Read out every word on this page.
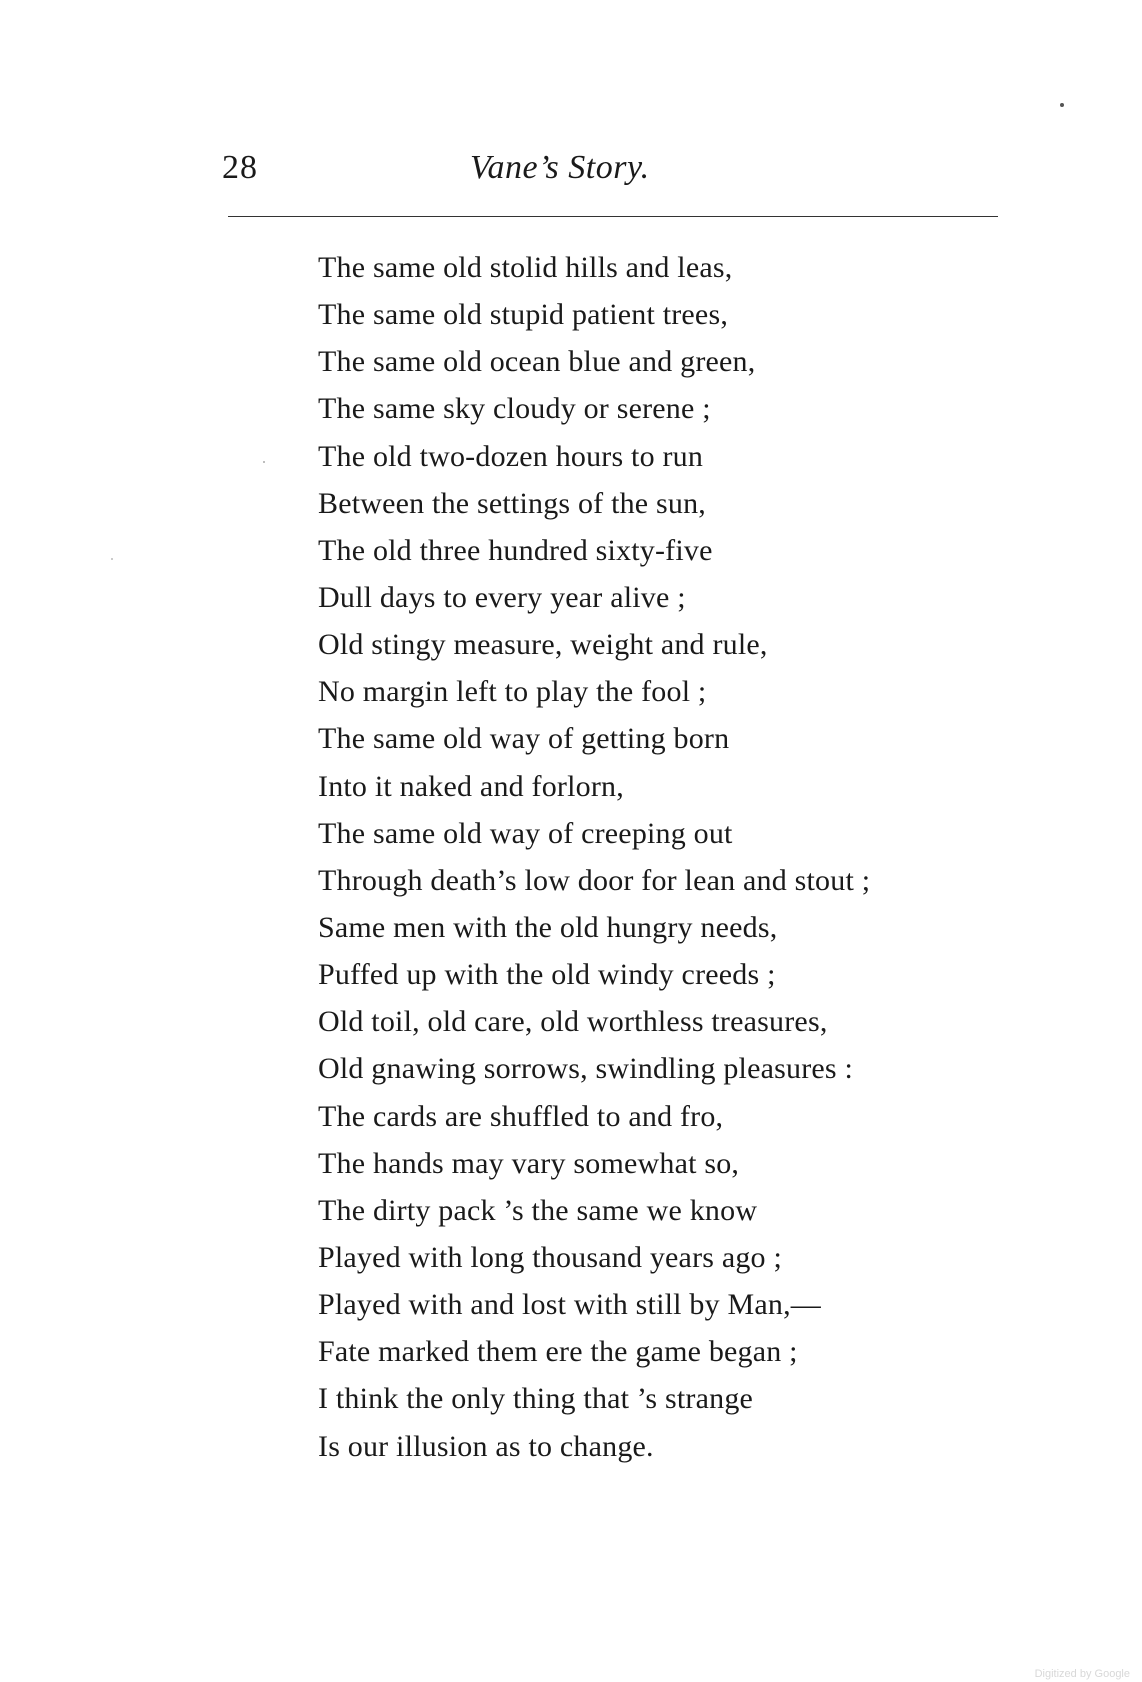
28	Vane’s Story.
The same old stolid hills and leas,
The same old stupid patient trees,
The same old ocean blue and green,
The same sky cloudy or serene ;
The old two-dozen hours to run
Between the settings of the sun,
The old three hundred sixty-five
Dull days to every year alive ;
Old stingy measure, weight and rule,
No margin left to play the fool ;
The same old way of getting born
Into it naked and forlorn,
The same old way of creeping out
Through death’s low door for lean and stout ;
Same men with the old hungry needs,
Puffed up with the old windy creeds ;
Old toil, old care, old worthless treasures,
Old gnawing sorrows, swindling pleasures :
The cards are shuffled to and fro,
The hands may vary somewhat so,
The dirty pack ’s the same we know
Played with long thousand years ago ;
Played with and lost with still by Man,—
Fate marked them ere the game began ;
I think the only thing that ’s strange
Is our illusion as to change.
Digitized by Google
